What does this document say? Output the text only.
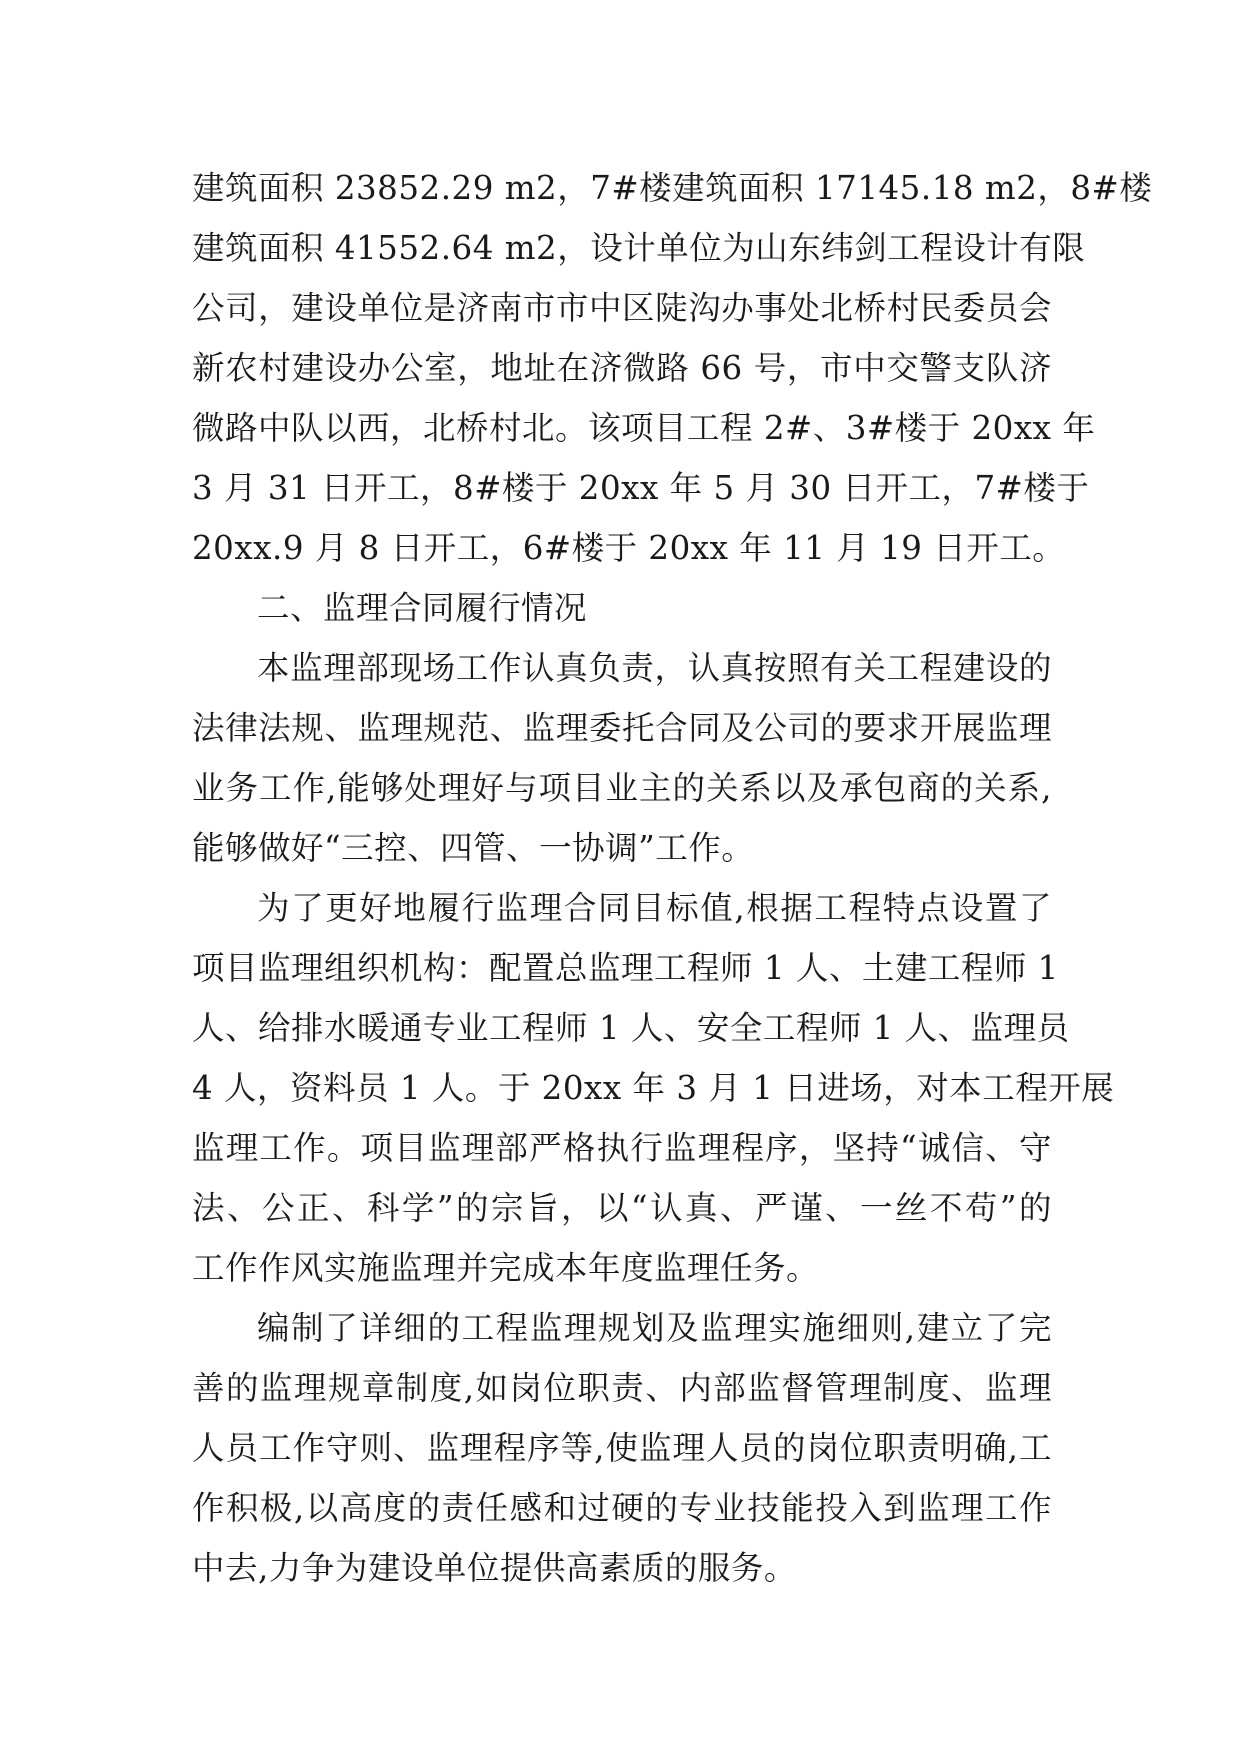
建筑面积 23852.29 m2，7#楼建筑面积 17145.18 m2，8#楼
建筑面积 41552.64 m2，设计单位为山东纬剑工程设计有限
公司，建设单位是济南市市中区陡沟办事处北桥村民委员会
新农村建设办公室，地址在济微路 66 号，市中交警支队济
微路中队以西，北桥村北。该项目工程 2#、3#楼于 20xx 年
3 月 31 日开工，8#楼于 20xx 年 5 月 30 日开工，7#楼于
20xx.9 月 8 日开工，6#楼于 20xx 年 11 月 19 日开工。
二、监理合同履行情况
本监理部现场工作认真负责，认真按照有关工程建设的
法律法规、监理规范、监理委托合同及公司的要求开展监理
业务工作,能够处理好与项目业主的关系以及承包商的关系,
能够做好“三控、四管、一协调”工作。
为了更好地履行监理合同目标值,根据工程特点设置了
项目监理组织机构：配置总监理工程师 1 人、土建工程师 1
人、给排水暖通专业工程师 1 人、安全工程师 1 人、监理员
4 人，资料员 1 人。于 20xx 年 3 月 1 日进场，对本工程开展
监理工作。项目监理部严格执行监理程序，坚持“诚信、守
法、公正、科学”的宗旨，以“认真、严谨、一丝不苟”的
工作作风实施监理并完成本年度监理任务。
编制了详细的工程监理规划及监理实施细则,建立了完
善的监理规章制度,如岗位职责、内部监督管理制度、监理
人员工作守则、监理程序等,使监理人员的岗位职责明确,工
作积极,以高度的责任感和过硬的专业技能投入到监理工作
中去,力争为建设单位提供高素质的服务。
